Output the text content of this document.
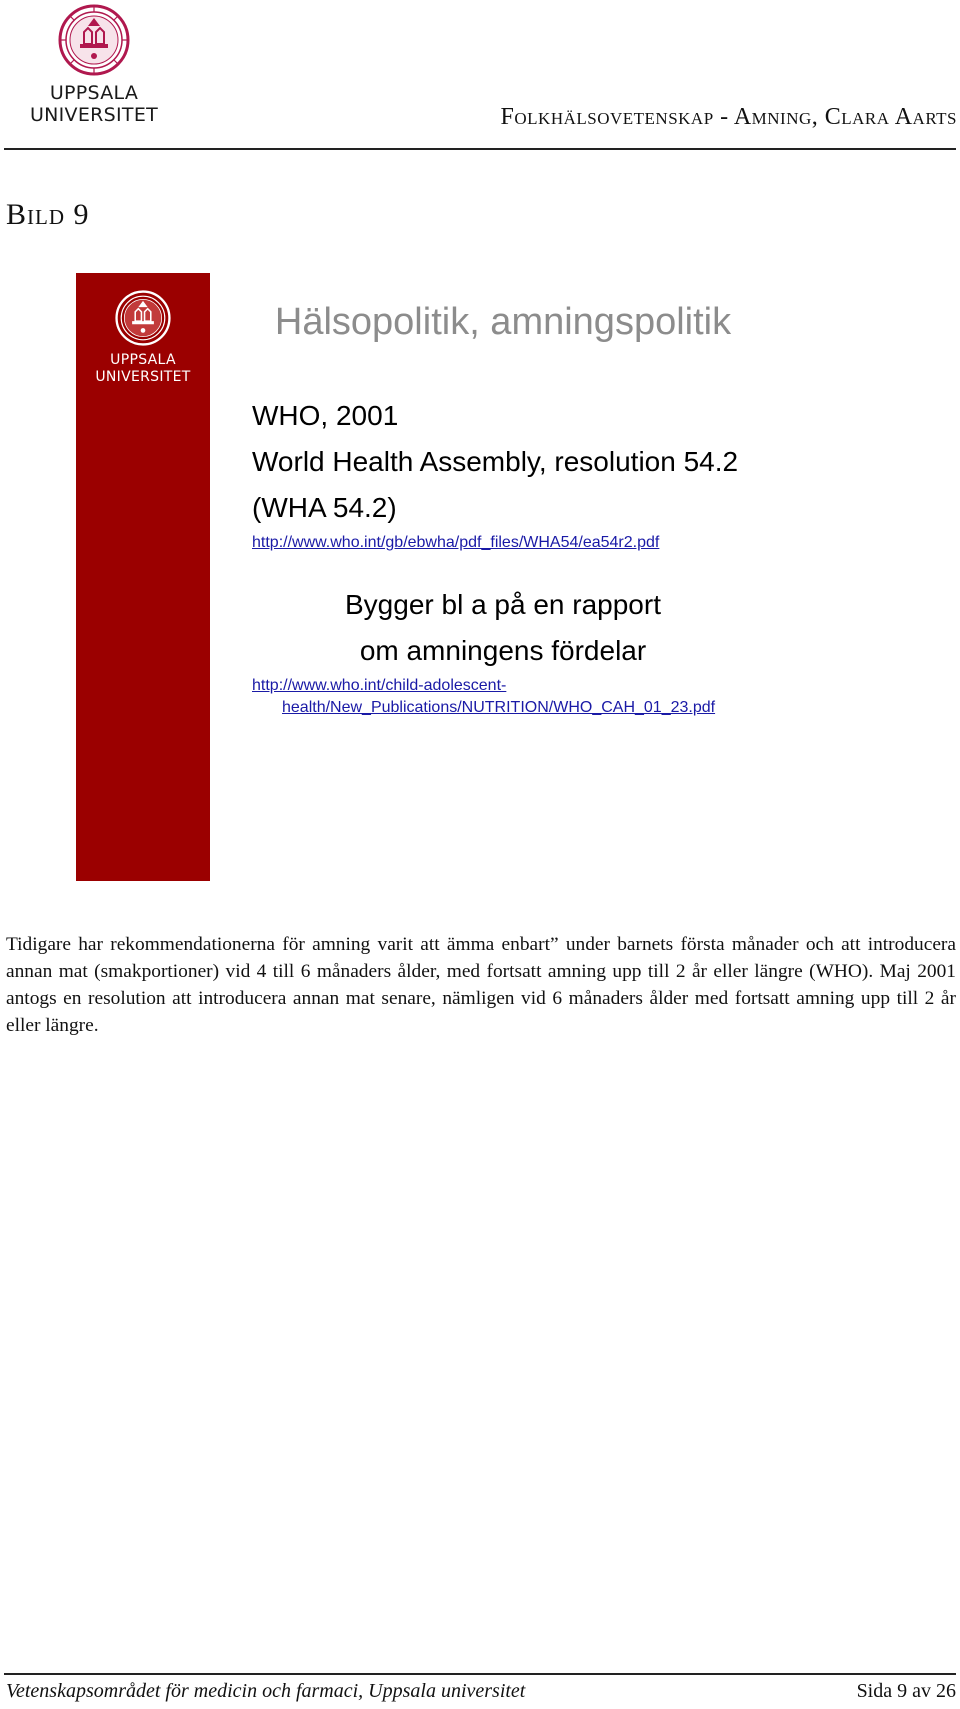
UPPSALA
UNIVERSITET	Folkhälsovetenskap - Amning, Clara Aarts
Bild 9
UPPSALA
UNIVERSITET
Hälsopolitik, amningspolitik
WHO, 2001
World Health Assembly, resolution 54.2
(WHA 54.2)
http://www.who.int/gb/ebwha/pdf_files/WHA54/ea54r2.pdf
Bygger bl a på en rapport
om amningens fördelar
http://www.who.int/child-adolescent-
health/New_Publications/NUTRITION/WHO_CAH_01_23.pdf
Tidigare har rekommendationerna för amning varit att ämma enbart” under barnets första månader och att introducera annan mat (smakportioner) vid 4 till 6 månaders ålder, med fortsatt amning upp till 2 år eller längre (WHO). Maj 2001 antogs en resolution att introducera annan mat senare, nämligen vid 6 månaders ålder med fortsatt amning upp till 2 år eller längre.
Vetenskapsområdet för medicin och farmaci, Uppsala universitet	Sida 9 av 26
